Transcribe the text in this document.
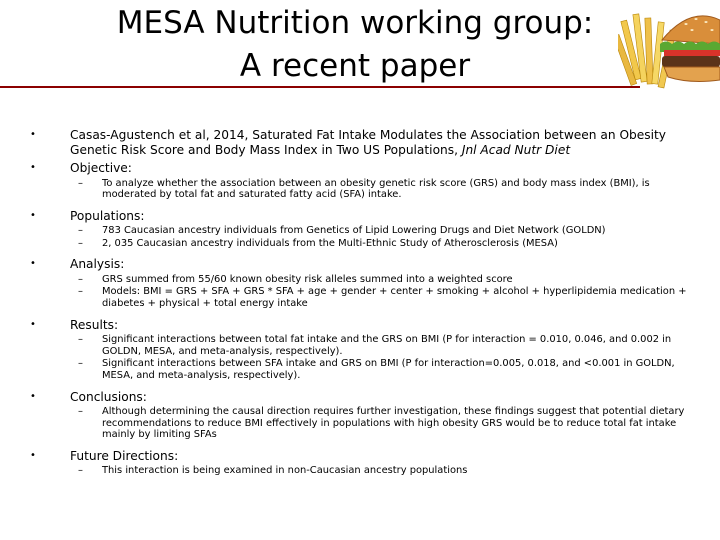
MESA Nutrition working group:
A recent paper
•	Casas-Agustench et al, 2014, Saturated Fat Intake Modulates the Association between an Obesity Genetic Risk Score and Body Mass Index in Two US Populations, Jnl Acad Nutr Diet
•	Objective:
– To analyze whether the association between an obesity genetic risk score (GRS) and body mass index (BMI), is moderated by total fat and saturated fatty acid (SFA) intake.
•	Populations:
– 783 Caucasian ancestry individuals from Genetics of Lipid Lowering Drugs and Diet Network (GOLDN)
– 2, 035 Caucasian ancestry individuals from the Multi-Ethnic Study of Atherosclerosis (MESA)
•	Analysis:
– GRS summed from 55/60 known obesity risk alleles summed into a weighted score
– Models: BMI = GRS + SFA + GRS * SFA + age + gender + center + smoking + alcohol + hyperlipidemia medication + diabetes + physical + total energy intake
•	Results:
– Significant interactions between total fat intake and the GRS on BMI (P for interaction = 0.010, 0.046, and 0.002 in GOLDN, MESA, and meta-analysis, respectively).
– Significant interactions between SFA intake and GRS on BMI (P for interaction=0.005, 0.018, and <0.001 in GOLDN, MESA, and meta-analysis, respectively).
•	Conclusions:
– Although determining the causal direction requires further investigation, these findings suggest that potential dietary recommendations to reduce BMI effectively in populations with high obesity GRS would be to reduce total fat intake mainly by limiting SFAs
•	Future Directions:
– This interaction is being examined in non-Caucasian ancestry populations
